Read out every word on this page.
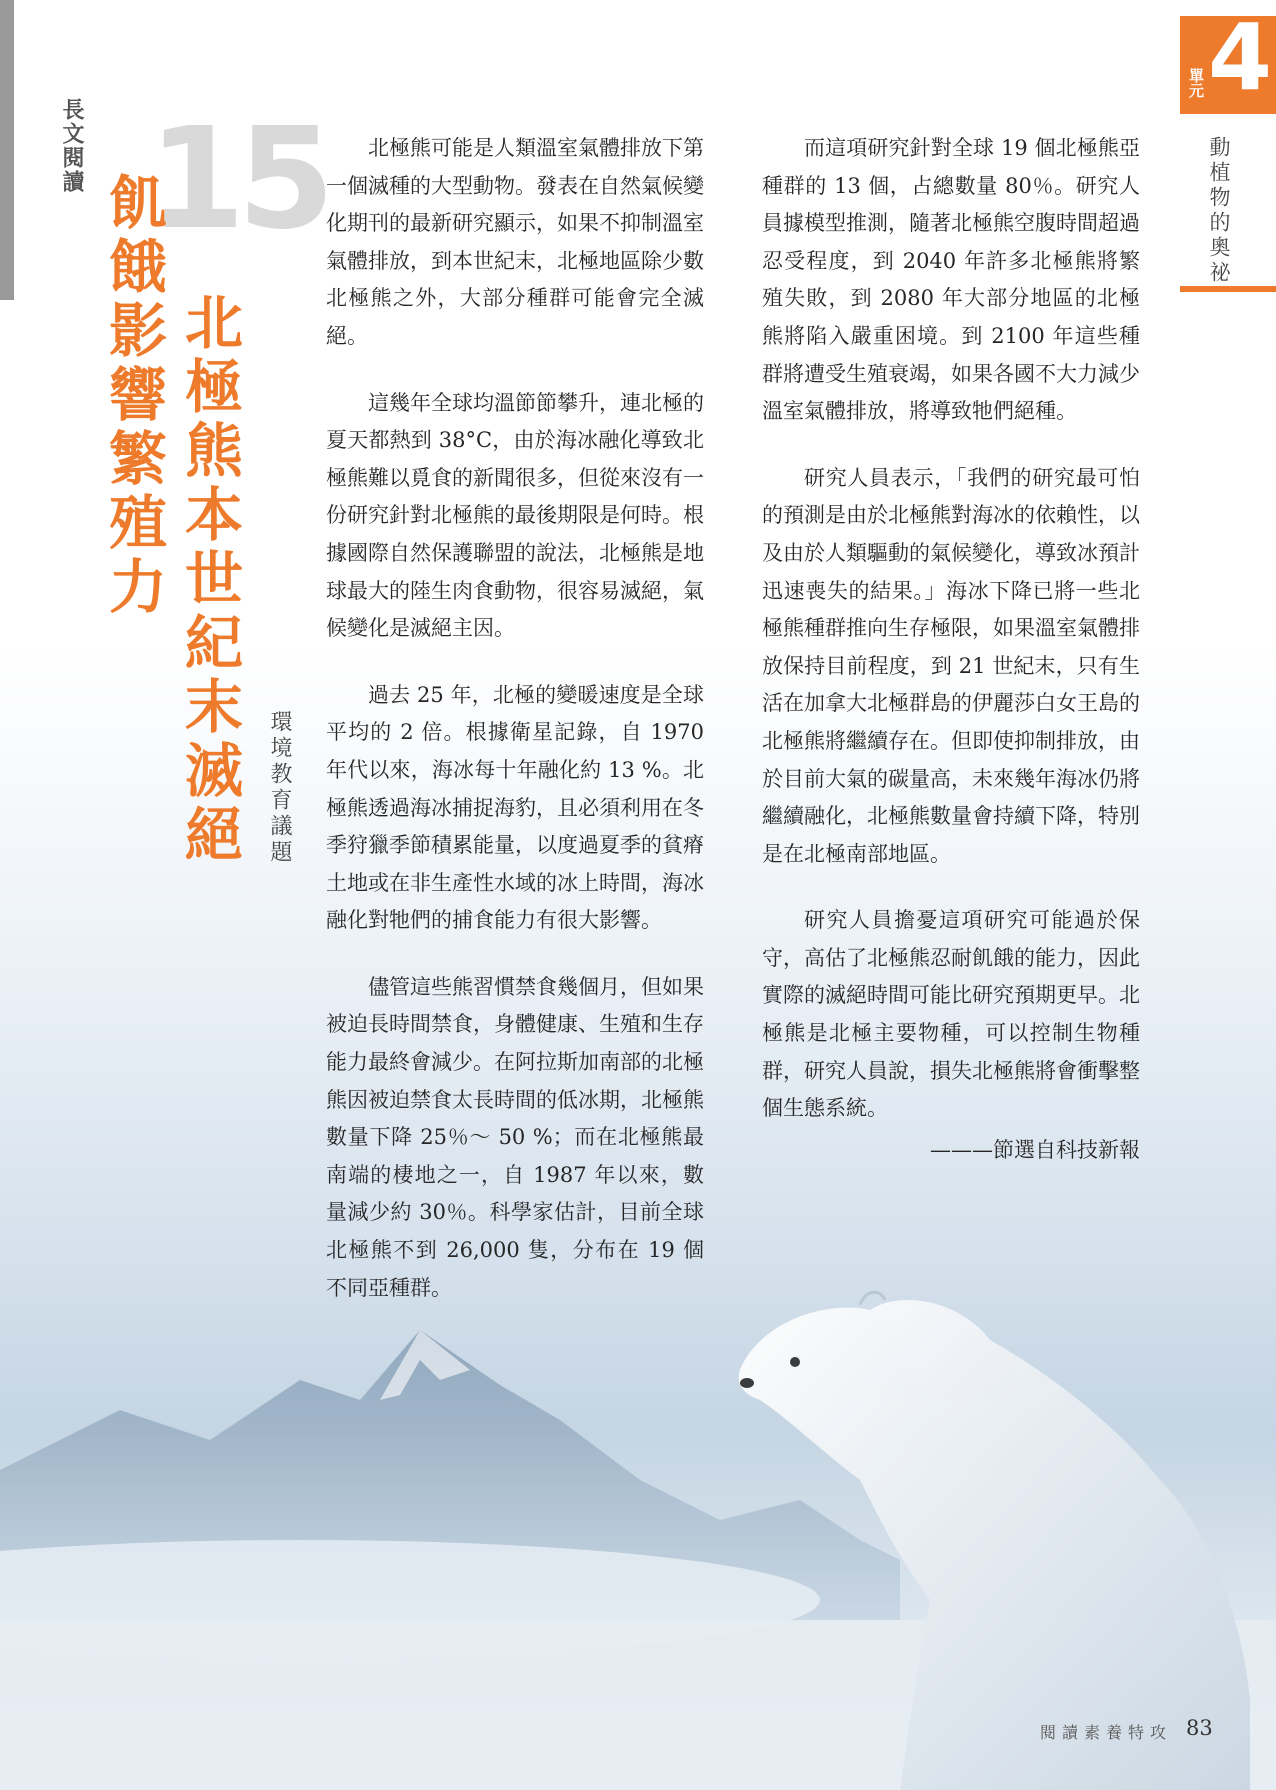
長文閱讀 15
北極熊本世紀末滅絕
飢餓影響繁殖力
環境教育議題
單元 4
動植物的奧祕

北極熊可能是人類溫室氣體排放下第一個滅種的大型動物。發表在自然氣候變化期刊的最新研究顯示，如果不抑制溫室氣體排放，到本世紀末，北極地區除少數北極熊之外，大部分種群可能會完全滅絕。

這幾年全球均溫節節攀升，連北極的夏天都熱到 38°C，由於海冰融化導致北極熊難以覓食的新聞很多，但從來沒有一份研究針對北極熊的最後期限是何時。根據國際自然保護聯盟的說法，北極熊是地球最大的陸生肉食動物，很容易滅絕，氣候變化是滅絕主因。

過去 25 年，北極的變暖速度是全球平均的 2 倍。根據衛星記錄，自 1970 年代以來，海冰每十年融化約 13 %。北極熊透過海冰捕捉海豹，且必須利用在冬季狩獵季節積累能量，以度過夏季的貧瘠土地或在非生產性水域的冰上時間，海冰融化對牠們的捕食能力有很大影響。

儘管這些熊習慣禁食幾個月，但如果被迫長時間禁食，身體健康、生殖和生存能力最終會減少。在阿拉斯加南部的北極熊因被迫禁食太長時間的低冰期，北極熊數量下降 25％～ 50 %；而在北極熊最南端的棲地之一，自 1987 年以來，數量減少約 30％。科學家估計，目前全球北極熊不到 26,000 隻，分布在 19 個不同亞種群。

而這項研究針對全球 19 個北極熊亞種群的 13 個，占總數量 80％。研究人員據模型推測，隨著北極熊空腹時間超過忍受程度，到 2040 年許多北極熊將繁殖失敗，到 2080 年大部分地區的北極熊將陷入嚴重困境。到 2100 年這些種群將遭受生殖衰竭，如果各國不大力減少溫室氣體排放，將導致牠們絕種。

研究人員表示，「我們的研究最可怕的預測是由於北極熊對海冰的依賴性，以及由於人類驅動的氣候變化，導致冰預計迅速喪失的結果。」海冰下降已將一些北極熊種群推向生存極限，如果溫室氣體排放保持目前程度，到 21 世紀末，只有生活在加拿大北極群島的伊麗莎白女王島的北極熊將繼續存在。但即使抑制排放，由於目前大氣的碳量高，未來幾年海冰仍將繼續融化，北極熊數量會持續下降，特別是在北極南部地區。

研究人員擔憂這項研究可能過於保守，高估了北極熊忍耐飢餓的能力，因此實際的滅絕時間可能比研究預期更早。北極熊是北極主要物種，可以控制生物種群，研究人員說，損失北極熊將會衝擊整個生態系統。

———節選自科技新報

閱讀素養特攻 83
